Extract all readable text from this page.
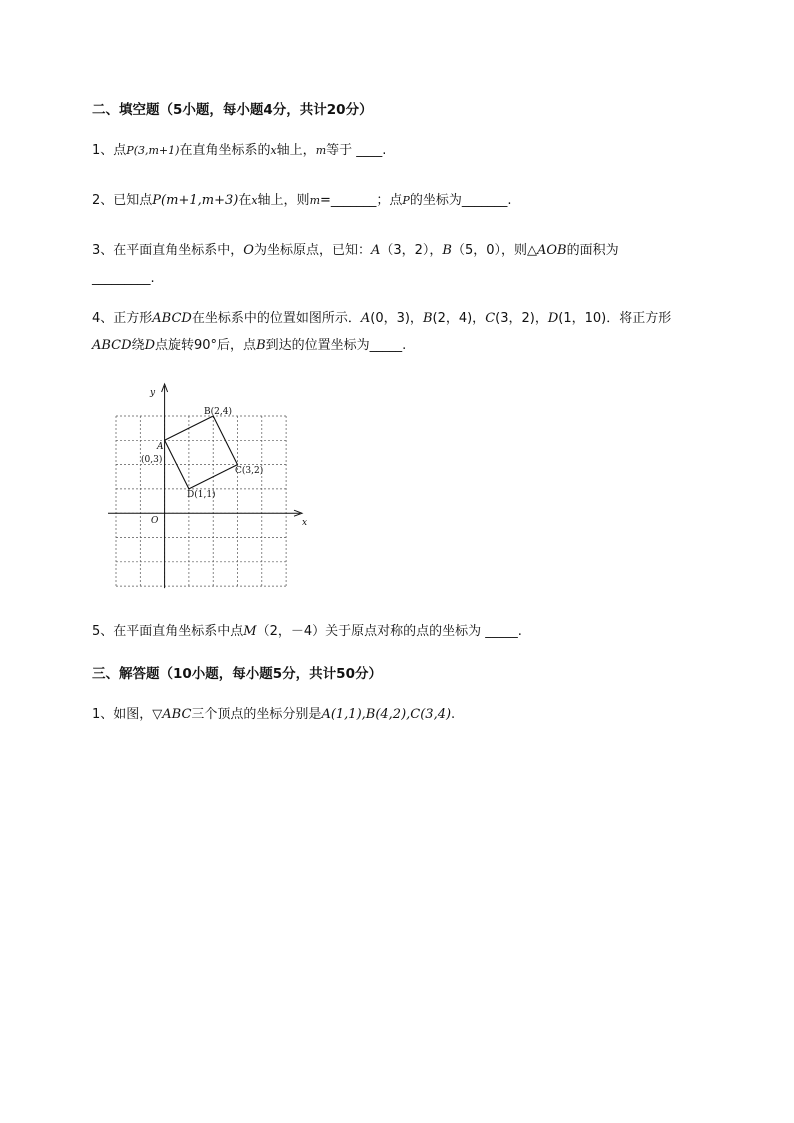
二、填空题（5小题，每小题4分，共计20分）
1、点P(3,m+1)在直角坐标系的x轴上，m等于 ____.
2、已知点P(m+1,m+3)在x轴上，则m=_______；点P的坐标为_______.
3、在平面直角坐标系中，O为坐标原点，已知：A（3，2），B（5，0），则△AOB的面积为
_________.
4、正方形ABCD在坐标系中的位置如图所示．A(0，3)，B(2，4)，C(3，2)，D(1，10)．将正方形
ABCD绕D点旋转90°后，点B到达的位置坐标为_____.
y
x
O
A
(0,3)
B(2,4)
C(3,2)
D(1,1)
5、在平面直角坐标系中点M（2，－4）关于原点对称的点的坐标为 _____.
三、解答题（10小题，每小题5分，共计50分）
1、如图，▽ABC三个顶点的坐标分别是A(1,1),B(4,2),C(3,4).
